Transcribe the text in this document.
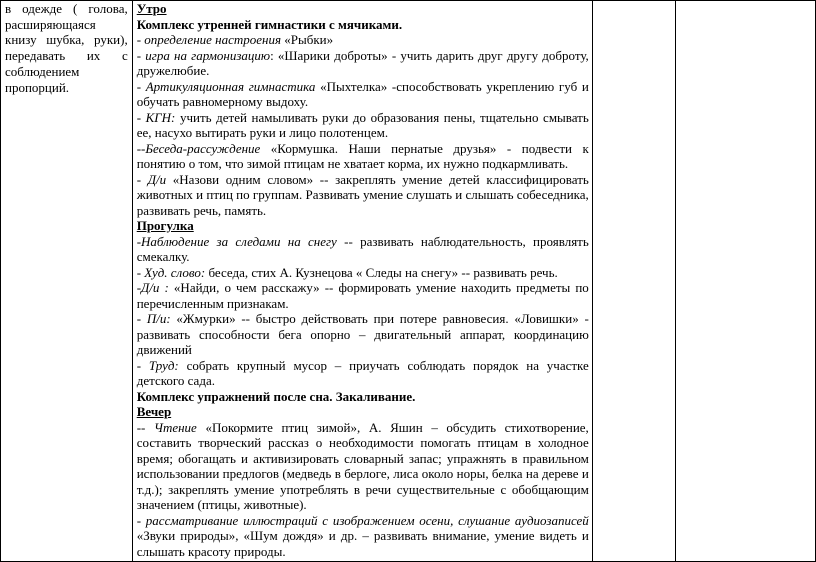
в одежде ( голова, расширяющаяся книзу шубка, руки), передавать их с соблюдением пропорций.

Утро

Комплекс утренней гимнастики с мячиками.

- определение настроения «Рыбки»

- игра на гармонизацию: «Шарики доброты» - учить дарить друг другу доброту, дружелюбие.

- Артикуляционная гимнастика «Пыхтелка» -способствовать укреплению губ и обучать равномерному выдоху.

- КГН: учить детей намыливать руки до образования пены, тщательно смывать ее, насухо вытирать руки и лицо полотенцем.

--Беседа-рассуждение «Кормушка. Наши пернатые друзья» - подвести к понятию о том, что зимой птицам не хватает корма, их нужно подкармливать.

- Д/и «Назови одним словом» -- закреплять умение детей классифицировать животных и птиц по группам. Развивать умение слушать и слышать собеседника, развивать речь, память.

Прогулка

-Наблюдение за следами на снегу -- развивать наблюдательность, проявлять смекалку.

- Худ. слово: беседа, стих А. Кузнецова « Следы на снегу» -- развивать речь.

-Д/и : «Найди, о чем расскажу» -- формировать умение находить предметы по перечисленным признакам.

- П/и: «Жмурки» -- быстро действовать при потере равновесия. «Ловишки» - развивать способности бега опорно – двигательный аппарат, координацию движений

- Труд: собрать крупный мусор – приучать соблюдать порядок на участке детского сада.

Комплекс упражнений после сна. Закаливание.

Вечер

-- Чтение «Покормите птиц зимой», А. Яшин – обсудить стихотворение, составить творческий рассказ о необходимости помогать птицам в холодное время; обогащать и активизировать словарный запас; упражнять в правильном использовании предлогов (медведь в берлоге, лиса около норы, белка на дереве и т.д.); закреплять умение употреблять в речи существительные с обобщающим значением (птицы, животные).

- рассматривание иллюстраций с изображением осени, слушание аудиозаписей «Звуки природы», «Шум дождя» и др. – развивать внимание, умение видеть и слышать красоту природы.
